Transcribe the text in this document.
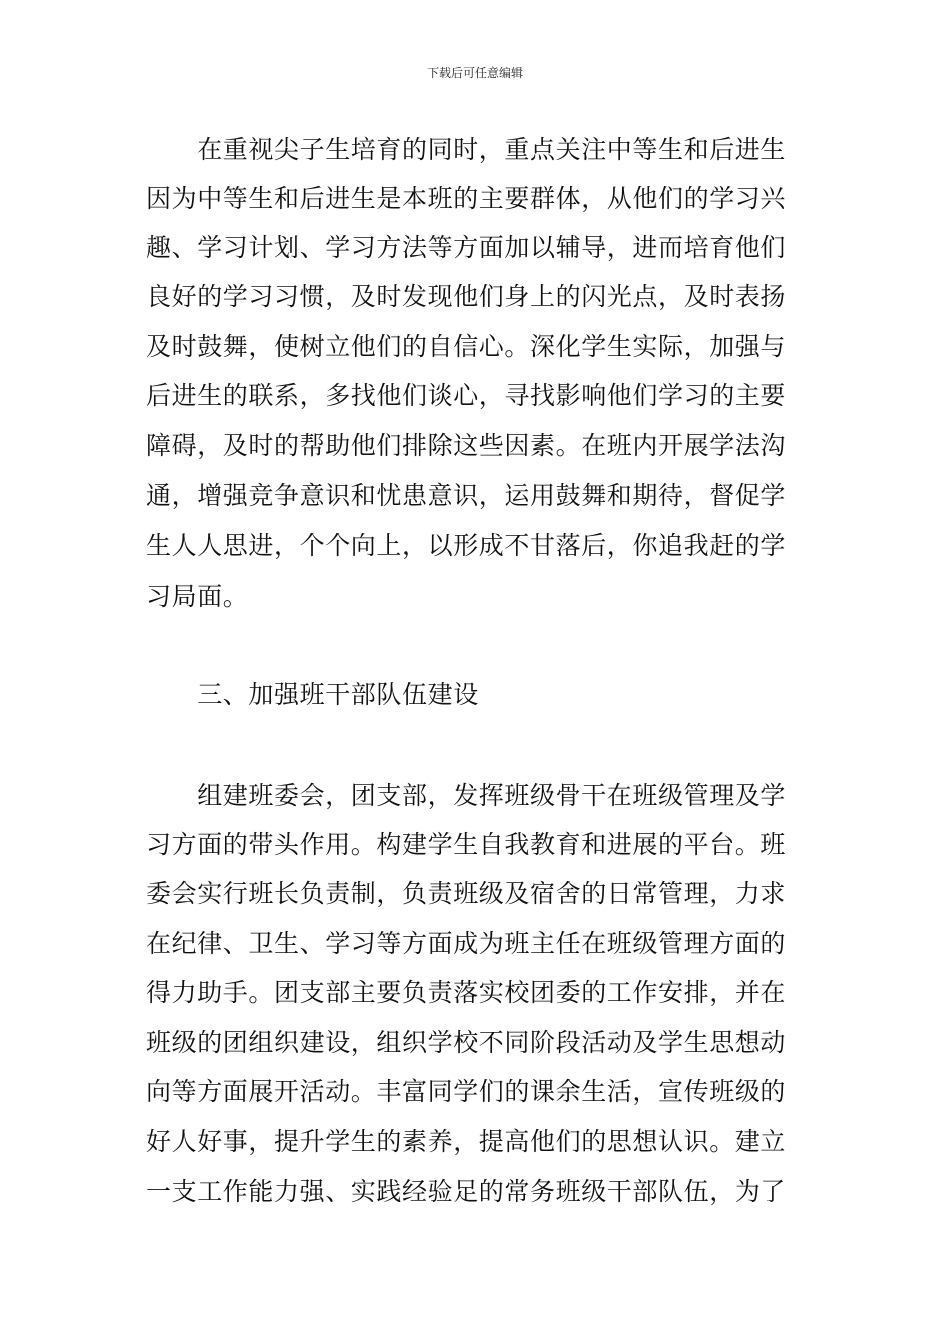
下载后可任意编辑
　　在重视尖子生培育的同时，重点关注中等生和后进生
因为中等生和后进生是本班的主要群体，从他们的学习兴
趣、学习计划、学习方法等方面加以辅导，进而培育他们
良好的学习习惯，及时发现他们身上的闪光点，及时表扬
及时鼓舞，使树立他们的自信心。深化学生实际，加强与
后进生的联系，多找他们谈心，寻找影响他们学习的主要
障碍，及时的帮助他们排除这些因素。在班内开展学法沟
通，增强竞争意识和忧患意识，运用鼓舞和期待，督促学
生人人思进，个个向上，以形成不甘落后，你追我赶的学
习局面。
　　三、加强班干部队伍建设
　　组建班委会，团支部，发挥班级骨干在班级管理及学
习方面的带头作用。构建学生自我教育和进展的平台。班
委会实行班长负责制，负责班级及宿舍的日常管理，力求
在纪律、卫生、学习等方面成为班主任在班级管理方面的
得力助手。团支部主要负责落实校团委的工作安排，并在
班级的团组织建设，组织学校不同阶段活动及学生思想动
向等方面展开活动。丰富同学们的课余生活，宣传班级的
好人好事，提升学生的素养，提高他们的思想认识。建立
一支工作能力强、实践经验足的常务班级干部队伍，为了
